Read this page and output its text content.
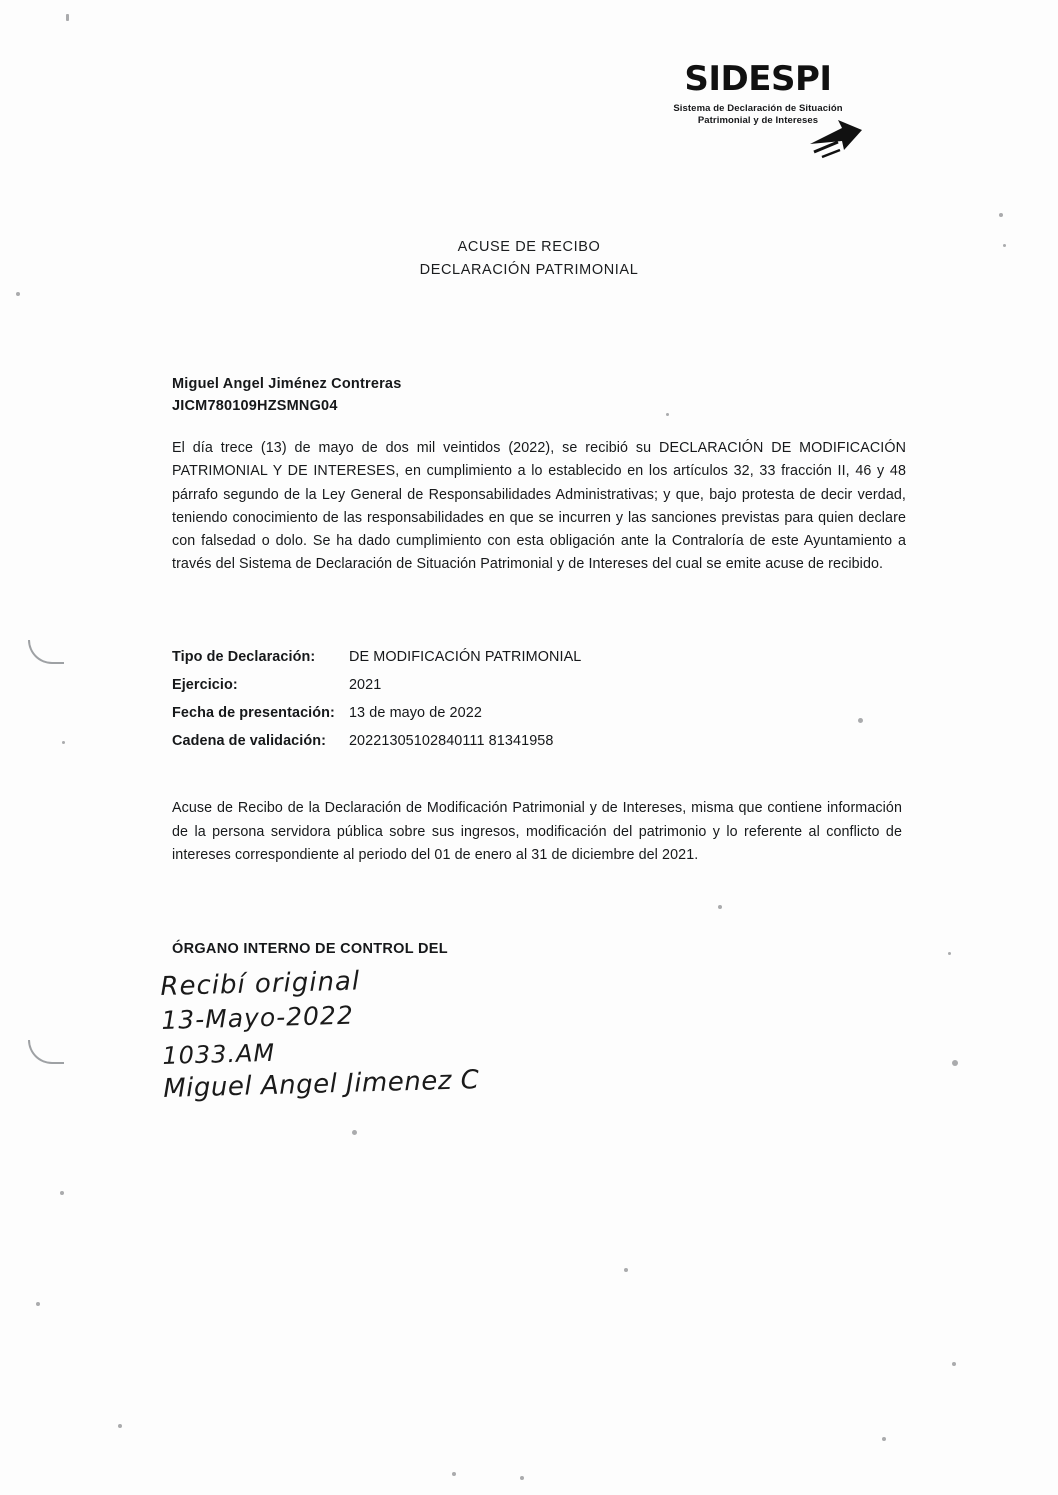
SIDESPI
Sistema de Declaración de Situación
Patrimonial y de Intereses
ACUSE DE RECIBO
DECLARACIÓN PATRIMONIAL
Miguel Angel Jiménez Contreras
JICM780109HZSMNG04
El día trece (13) de mayo de dos mil veintidos (2022), se recibió su DECLARACIÓN DE MODIFICACIÓN PATRIMONIAL Y DE INTERESES, en cumplimiento a lo establecido en los artículos 32, 33 fracción II, 46 y 48 párrafo segundo de la Ley General de Responsabilidades Administrativas; y que, bajo protesta de decir verdad, teniendo conocimiento de las responsabilidades en que se incurren y las sanciones previstas para quien declare con falsedad o dolo. Se ha dado cumplimiento con esta obligación ante la Contraloría de este Ayuntamiento a través del Sistema de Declaración de Situación Patrimonial y de Intereses del cual se emite acuse de recibido.
Tipo de Declaración:	DE MODIFICACIÓN PATRIMONIAL
Ejercicio:	2021
Fecha de presentación:	13 de mayo de 2022
Cadena de validación:	20221305102840111 81341958
Acuse de Recibo de la Declaración de Modificación Patrimonial y de Intereses, misma que contiene información de la persona servidora pública sobre sus ingresos, modificación del patrimonio y lo referente al conflicto de intereses correspondiente al periodo del 01 de enero al 31 de diciembre del 2021.
ÓRGANO INTERNO DE CONTROL DEL
Recibí original
13-Mayo-2022
1033.AM
Miguel Angel Jimenez C
